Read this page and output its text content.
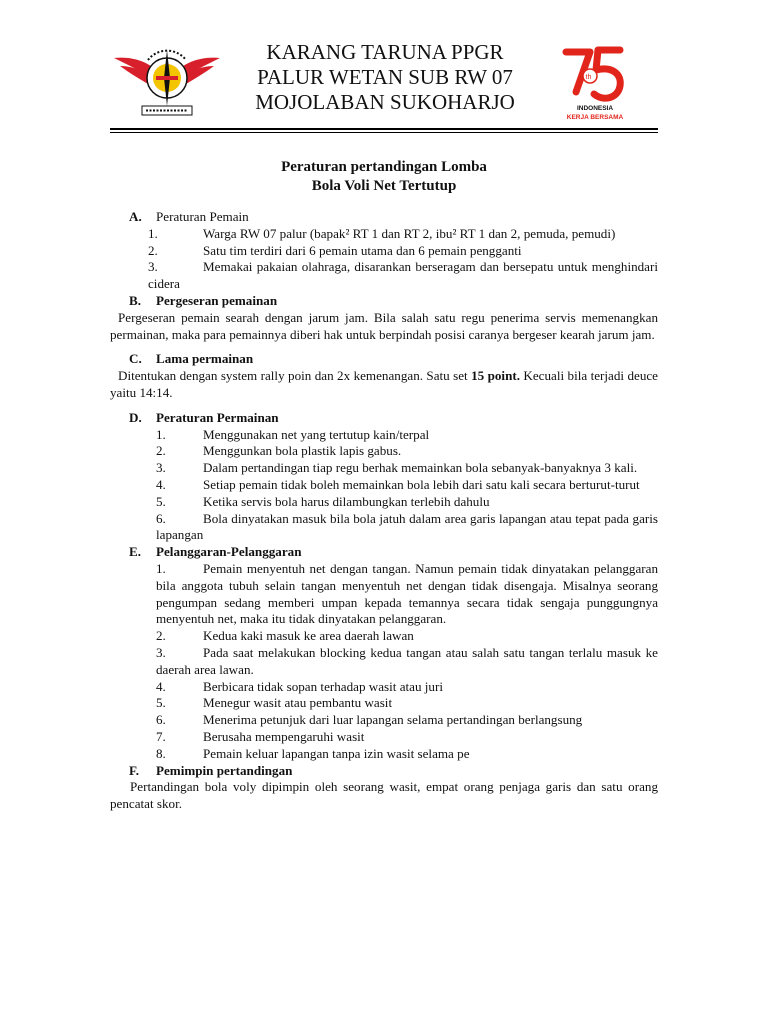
KARANG TARUNA PPGR
PALUR WETAN SUB RW 07
MOJOLABAN SUKOHARJO
th
INDONESIA
KERJA BERSAMA
Peraturan pertandingan Lomba
Bola Voli Net Tertutup
A.	Peraturan Pemain
1.	Warga RW 07 palur (bapak² RT 1 dan RT 2, ibu² RT 1 dan 2, pemuda, pemudi)
2.	Satu tim terdiri dari 6 pemain utama dan 6 pemain pengganti
3.	Memakai pakaian olahraga, disarankan berseragam dan bersepatu untuk menghindari cidera
B.	Pergeseran pemainan
Pergeseran pemain searah dengan jarum jam. Bila salah satu regu penerima servis memenangkan permainan, maka para pemainnya diberi hak untuk berpindah posisi caranya bergeser kearah jarum jam.
C.	Lama permainan
Ditentukan dengan system rally poin dan 2x kemenangan. Satu set 15 point. Kecuali bila terjadi deuce yaitu 14:14.
D.	Peraturan Permainan
1.	Menggunakan net yang tertutup kain/terpal
2.	Menggunkan bola plastik lapis gabus.
3.	Dalam pertandingan tiap regu berhak memainkan bola sebanyak-banyaknya 3 kali.
4.	Setiap pemain tidak boleh memainkan bola lebih dari satu kali secara berturut-turut
5.	Ketika servis bola harus dilambungkan terlebih dahulu
6.	Bola dinyatakan masuk bila bola jatuh dalam area garis lapangan atau tepat pada garis lapangan
E.	Pelanggaran-Pelanggaran
1.	Pemain menyentuh net dengan tangan. Namun pemain tidak dinyatakan pelanggaran bila anggota tubuh selain tangan menyentuh net dengan tidak disengaja. Misalnya seorang pengumpan sedang memberi umpan kepada temannya secara tidak sengaja punggungnya menyentuh net, maka itu tidak dinyatakan pelanggaran.
2.	Kedua kaki masuk ke area daerah lawan
3.	Pada saat melakukan blocking kedua tangan atau salah satu tangan terlalu masuk ke daerah area lawan.
4.	Berbicara tidak sopan terhadap wasit atau juri
5.	Menegur wasit atau pembantu wasit
6.	Menerima petunjuk dari luar lapangan selama pertandingan berlangsung
7.	Berusaha mempengaruhi wasit
8.	Pemain keluar lapangan tanpa izin wasit selama pe
F.	Pemimpin pertandingan
Pertandingan bola voly dipimpin oleh seorang wasit, empat orang penjaga garis dan satu orang pencatat skor.
